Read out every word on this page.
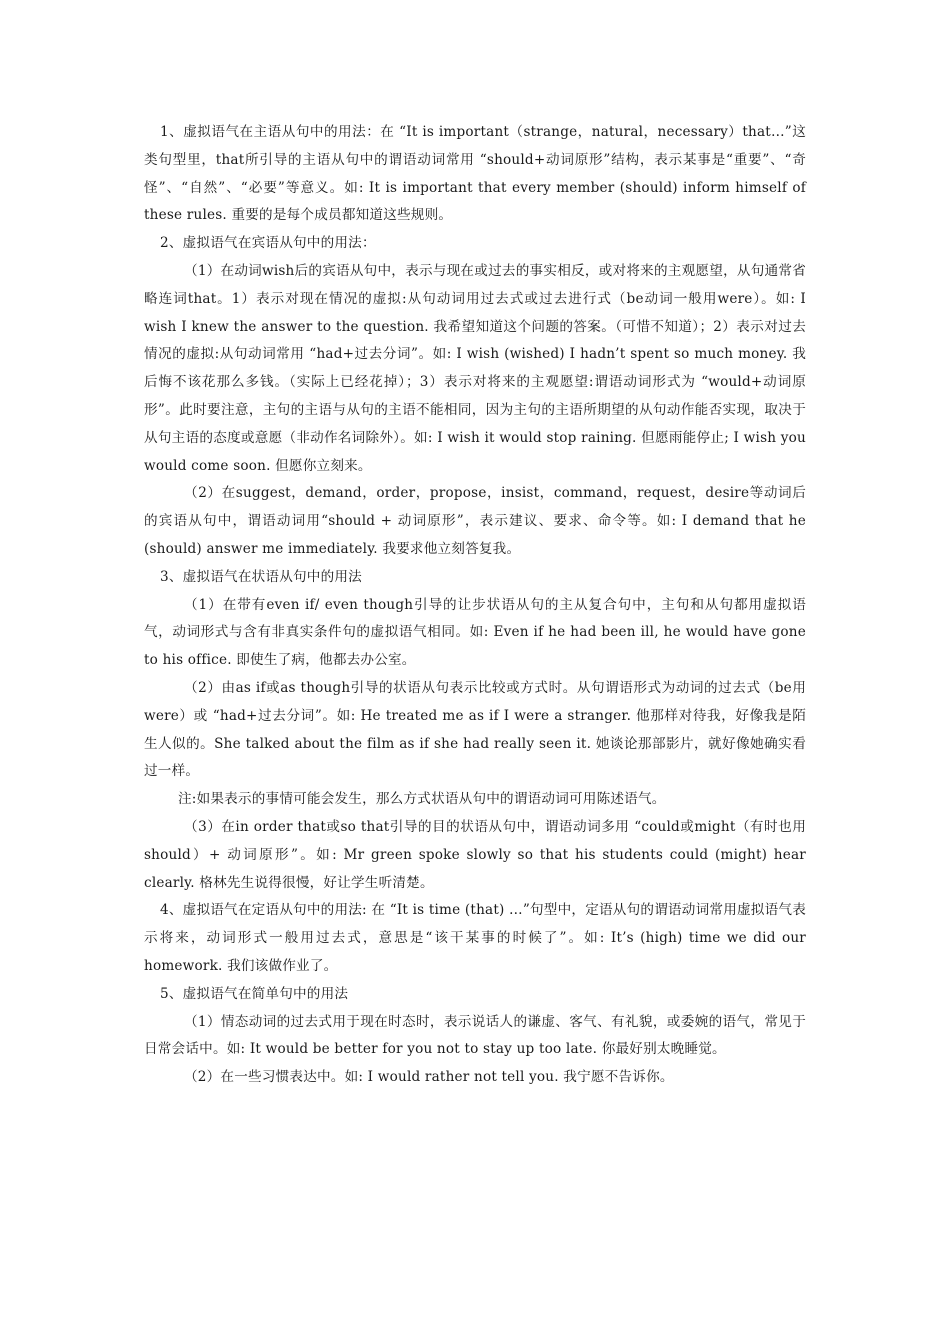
1、虚拟语气在主语从句中的用法：在 “It is important（strange，natural，necessary）that…”这类句型里，that所引导的主语从句中的谓语动词常用 “should+动词原形”结构，表示某事是“重要”、“奇怪”、“自然”、“必要”等意义。如: It is important that every member (should) inform himself of these rules. 重要的是每个成员都知道这些规则。

2、虚拟语气在宾语从句中的用法：

（1）在动词wish后的宾语从句中，表示与现在或过去的事实相反，或对将来的主观愿望，从句通常省略连词that。1）表示对现在情况的虚拟:从句动词用过去式或过去进行式（be动词一般用were）。如: I wish I knew the answer to the question. 我希望知道这个问题的答案。（可惜不知道）；2）表示对过去情况的虚拟:从句动词常用 “had+过去分词”。如: I wish (wished) I hadn’t spent so much money. 我后悔不该花那么多钱。（实际上已经花掉）；3）表示对将来的主观愿望:谓语动词形式为 “would+动词原形”。此时要注意，主句的主语与从句的主语不能相同，因为主句的主语所期望的从句动作能否实现，取决于从句主语的态度或意愿（非动作名词除外）。如: I wish it would stop raining. 但愿雨能停止; I wish you would come soon. 但愿你立刻来。

（2）在suggest，demand，order，propose，insist，command，request，desire等动词后的宾语从句中，谓语动词用“should + 动词原形”，表示建议、要求、命令等。如: I demand that he (should) answer me immediately. 我要求他立刻答复我。

3、虚拟语气在状语从句中的用法

（1）在带有even if/ even though引导的让步状语从句的主从复合句中，主句和从句都用虚拟语气，动词形式与含有非真实条件句的虚拟语气相同。如: Even if he had been ill, he would have gone to his office. 即使生了病，他都去办公室。

（2）由as if或as though引导的状语从句表示比较或方式时。从句谓语形式为动词的过去式（be用were）或 “had+过去分词”。如: He treated me as if I were a stranger. 他那样对待我，好像我是陌生人似的。She talked about the film as if she had really seen it. 她谈论那部影片，就好像她确实看过一样。

注:如果表示的事情可能会发生，那么方式状语从句中的谓语动词可用陈述语气。

（3）在in order that或so that引导的目的状语从句中，谓语动词多用 “could或might（有时也用should）+ 动词原形”。如: Mr green spoke slowly so that his students could (might) hear clearly. 格林先生说得很慢，好让学生听清楚。

4、虚拟语气在定语从句中的用法: 在 “It is time (that) …”句型中，定语从句的谓语动词常用虚拟语气表示将来，动词形式一般用过去式，意思是“该干某事的时候了”。如: It’s (high) time we did our homework. 我们该做作业了。

5、虚拟语气在简单句中的用法

（1）情态动词的过去式用于现在时态时，表示说话人的谦虚、客气、有礼貌，或委婉的语气，常见于日常会话中。如: It would be better for you not to stay up too late. 你最好别太晚睡觉。

（2）在一些习惯表达中。如: I would rather not tell you. 我宁愿不告诉你。
